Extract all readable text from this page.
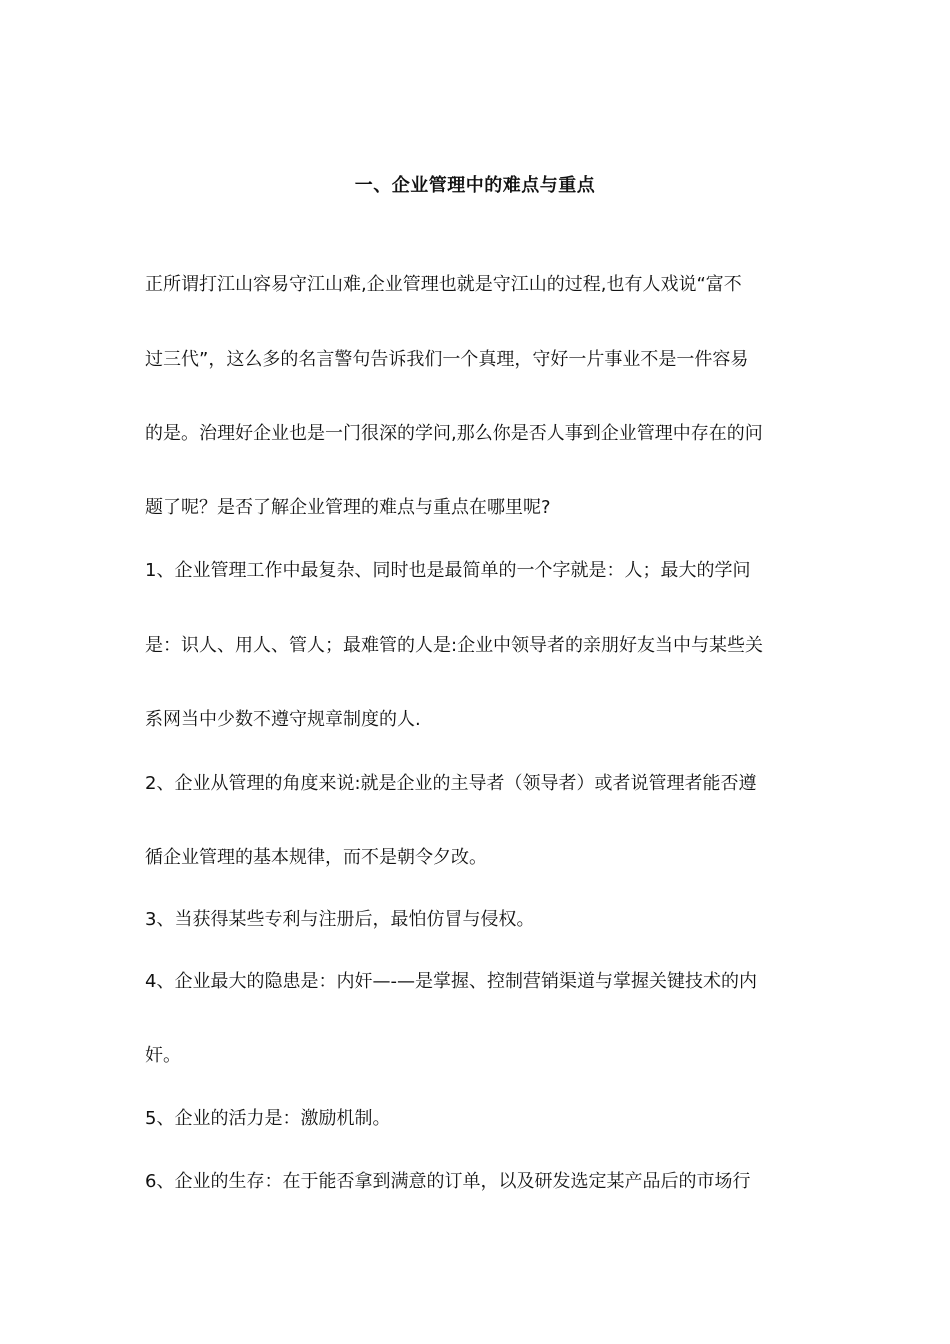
一、企业管理中的难点与重点
正所谓打江山容易守江山难,企业管理也就是守江山的过程,也有人戏说“富不
过三代”，这么多的名言警句告诉我们一个真理，守好一片事业不是一件容易
的是。治理好企业也是一门很深的学问,那么你是否人事到企业管理中存在的问
题了呢？是否了解企业管理的难点与重点在哪里呢?
1、企业管理工作中最复杂、同时也是最简单的一个字就是：人；最大的学问
是：识人、用人、管人；最难管的人是:企业中领导者的亲朋好友当中与某些关
系网当中少数不遵守规章制度的人.
2、企业从管理的角度来说:就是企业的主导者（领导者）或者说管理者能否遵
循企业管理的基本规律，而不是朝令夕改。
3、当获得某些专利与注册后，最怕仿冒与侵权。
4、企业最大的隐患是：内奸—-—是掌握、控制营销渠道与掌握关键技术的内
奸。
5、企业的活力是：激励机制。
6、企业的生存：在于能否拿到满意的订单，以及研发选定某产品后的市场行
